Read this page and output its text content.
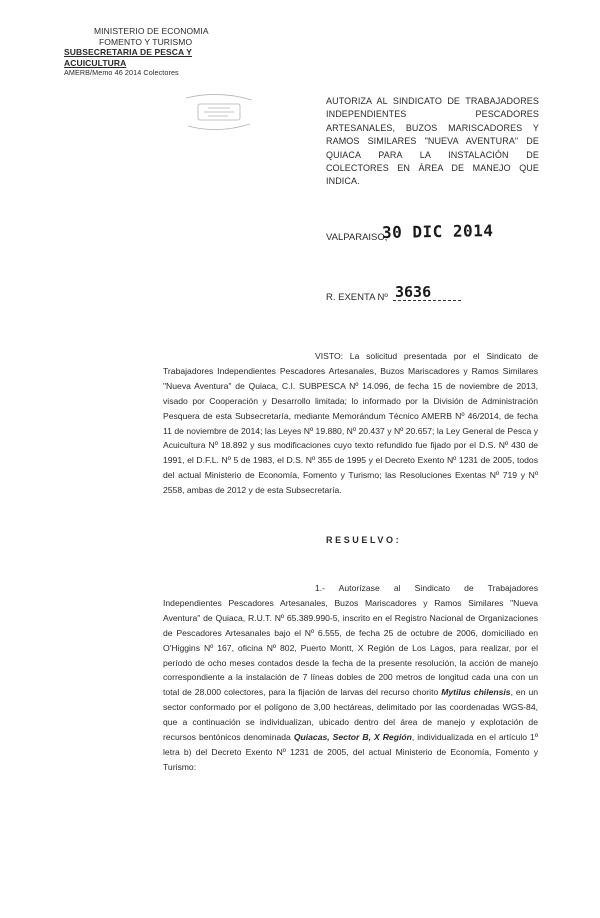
MINISTERIO DE ECONOMIA
FOMENTO Y TURISMO
SUBSECRETARIA DE PESCA Y ACUICULTURA
AMERB/Memo 46 2014 Colectores
AUTORIZA AL SINDICATO DE TRABAJADORES INDEPENDIENTES PESCADORES ARTESANALES, BUZOS MARISCADORES Y RAMOS SIMILARES "NUEVA AVENTURA" DE QUIACA PARA LA INSTALACIÓN DE COLECTORES EN ÁREA DE MANEJO QUE INDICA.
VALPARAISO,
30 DIC 2014
R. EXENTA Nº 3636
VISTO: La solicitud presentada por el Sindicato de Trabajadores Independientes Pescadores Artesanales, Buzos Mariscadores y Ramos Similares "Nueva Aventura" de Quiaca, C.I. SUBPESCA Nº 14.096, de fecha 15 de noviembre de 2013, visado por Cooperación y Desarrollo limitada; lo informado por la División de Administración Pesquera de esta Subsecretaría, mediante Memorándum Técnico AMERB Nº 46/2014, de fecha 11 de noviembre de 2014; las Leyes Nº 19.880, Nº 20.437 y Nº 20.657; la Ley General de Pesca y Acuicultura Nº 18.892 y sus modificaciones cuyo texto refundido fue fijado por el D.S. Nº 430 de 1991, el D.F.L. Nº 5 de 1983, el D.S. Nº 355 de 1995 y el Decreto Exento Nº 1231 de 2005, todos del actual Ministerio de Economía, Fomento y Turismo; las Resoluciones Exentas Nº 719 y Nº 2558, ambas de 2012 y de esta Subsecretaría.
RESUELVO:
1.- Autorízase al Sindicato de Trabajadores Independientes Pescadores Artesanales, Buzos Mariscadores y Ramos Similares "Nueva Aventura" de Quiaca, R.U.T. Nº 65.389.990-5, inscrito en el Registro Nacional de Organizaciones de Pescadores Artesanales bajo el Nº 6.555, de fecha 25 de octubre de 2006, domiciliado en O'Higgins Nº 167, oficina Nº 802, Puerto Montt, X Región de Los Lagos, para realizar, por el período de ocho meses contados desde la fecha de la presente resolución, la acción de manejo correspondiente a la instalación de 7 líneas dobles de 200 metros de longitud cada una con un total de 28.000 colectores, para la fijación de larvas del recurso chorito Mytilus chilensis, en un sector conformado por el polígono de 3,00 hectáreas, delimitado por las coordenadas WGS-84, que a continuación se individualizan, ubicado dentro del área de manejo y explotación de recursos bentónicos denominada Quiacas, Sector B, X Región, individualizada en el artículo 1º letra b) del Decreto Exento Nº 1231 de 2005, del actual Ministerio de Economía, Fomento y Turismo:
